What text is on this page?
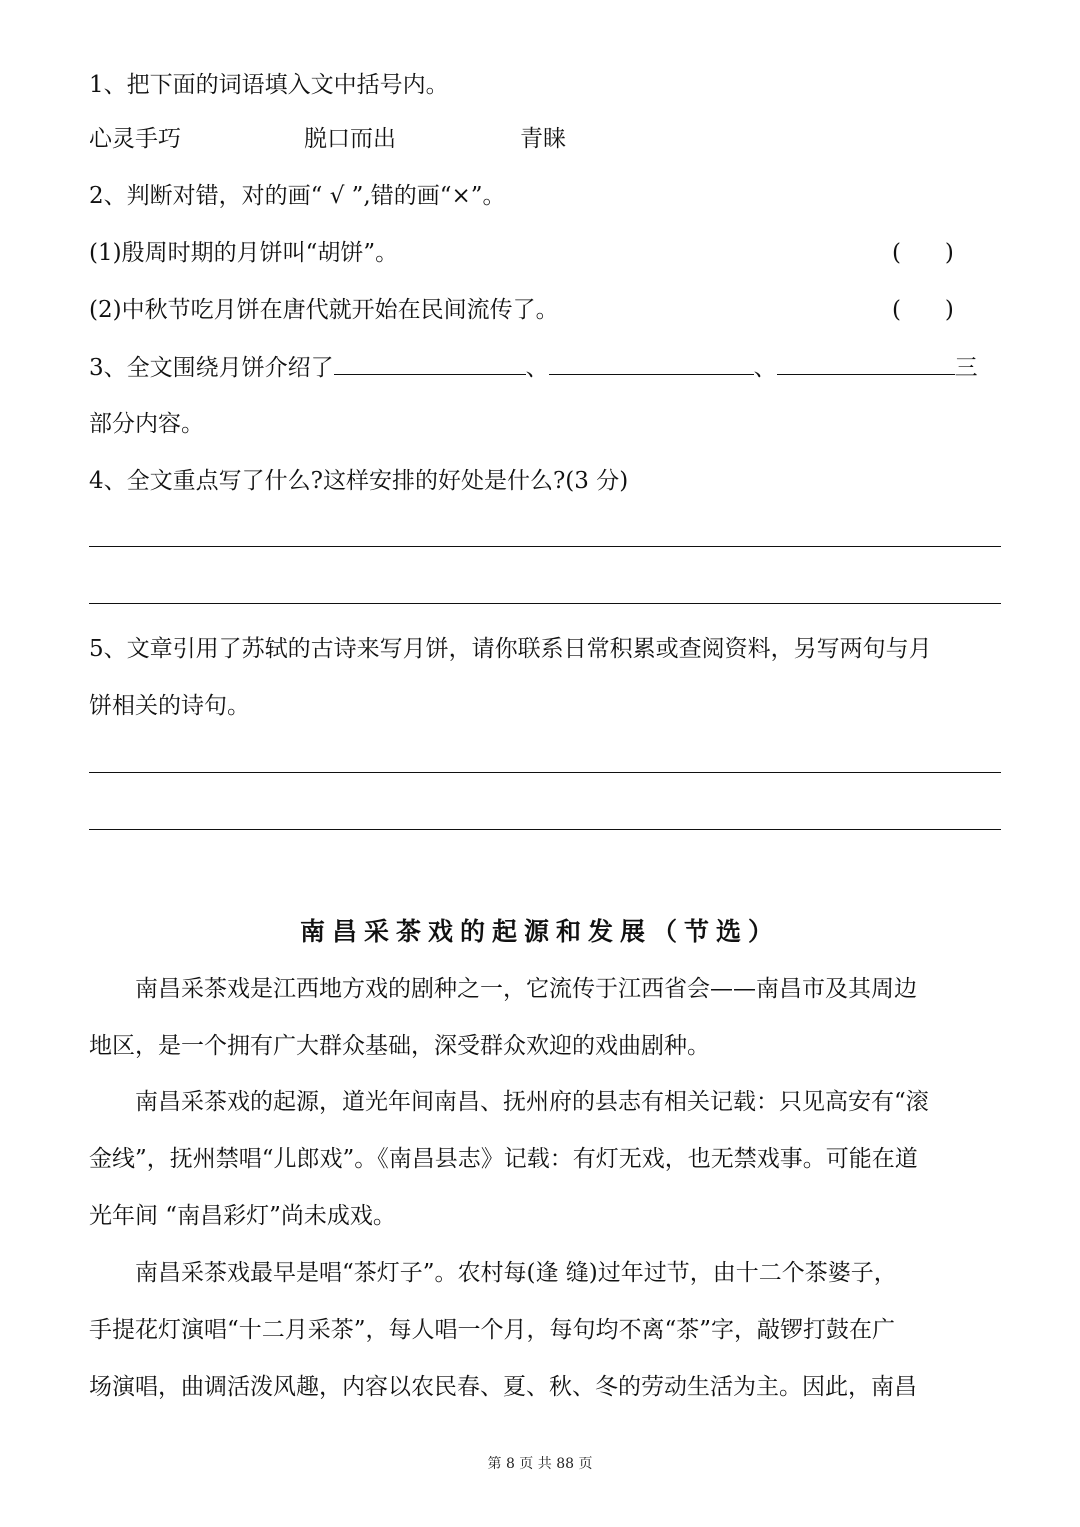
1、把下面的词语填入文中括号内。
心灵手巧	脱口而出	青睐
2、判断对错，对的画“ √ ”,错的画“×”。
(1)殷周时期的月饼叫“胡饼”。	(      )
(2)中秋节吃月饼在唐代就开始在民间流传了。	(      )
3、全文围绕月饼介绍了	、	、	三
部分内容。
4、全文重点写了什么?这样安排的好处是什么?(3 分)
5、文章引用了苏轼的古诗来写月饼，请你联系日常积累或查阅资料，另写两句与月
饼相关的诗句。
南昌采茶戏的起源和发展（节选）
南昌采茶戏是江西地方戏的剧种之一，它流传于江西省会——南昌市及其周边
地区，是一个拥有广大群众基础，深受群众欢迎的戏曲剧种。
南昌采茶戏的起源，道光年间南昌、抚州府的县志有相关记载：只见高安有“滚
金线”，抚州禁唱“儿郎戏”。《南昌县志》记载：有灯无戏，也无禁戏事。可能在道
光年间 “南昌彩灯”尚未成戏。
南昌采茶戏最早是唱“茶灯子”。农村每(逢 缝)过年过节，由十二个茶婆子，
手提花灯演唱“十二月采茶”，每人唱一个月，每句均不离“茶”字，敲锣打鼓在广
场演唱，曲调活泼风趣，内容以农民春、夏、秋、冬的劳动生活为主。因此，南昌
第 8 页 共 88 页
